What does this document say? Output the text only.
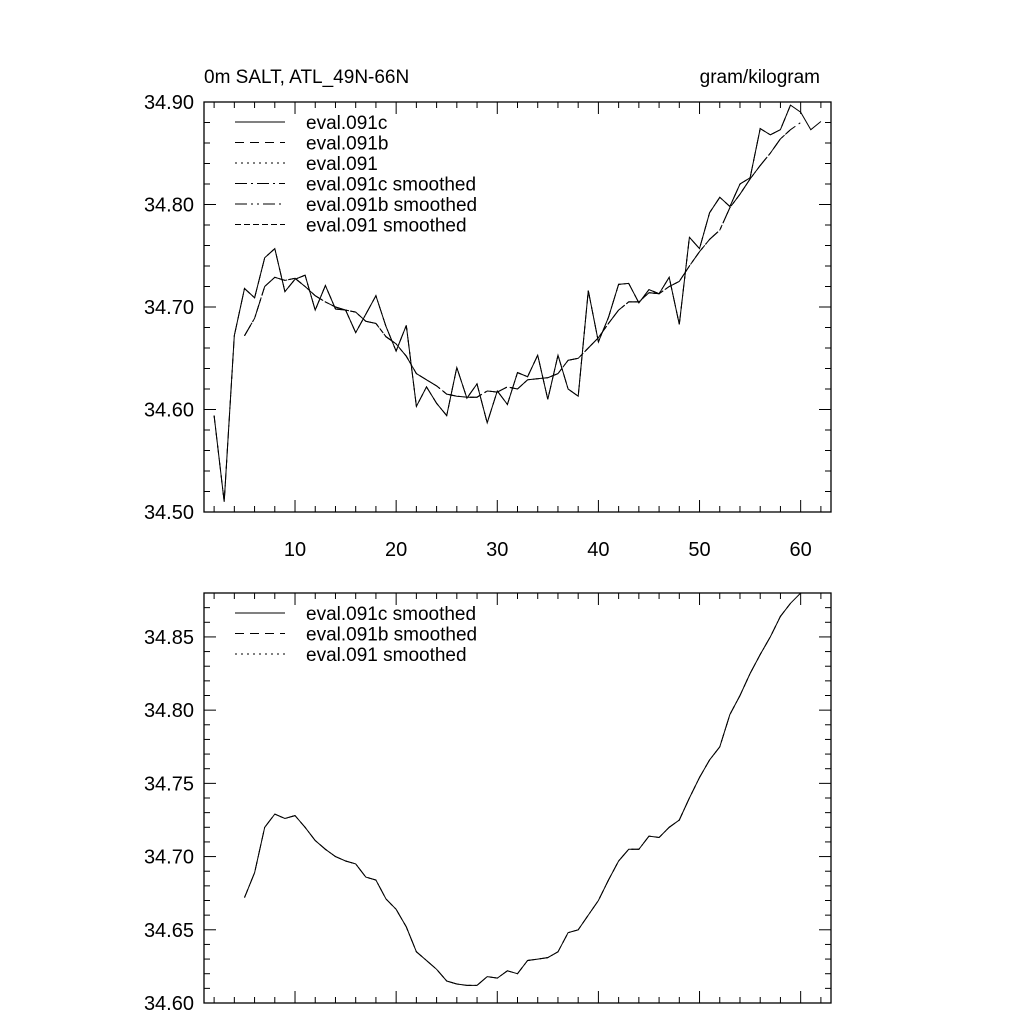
0m SALT, ATL_49N-66N	gram/kilogram
10	20	30	40	50	60
34.50
34.60
34.70
34.80
34.90
eval.091c
eval.091b
eval.091
eval.091c smoothed
eval.091b smoothed
eval.091 smoothed
34.60
34.65
34.70
34.75
34.80
34.85
eval.091c smoothed
eval.091b smoothed
eval.091 smoothed
